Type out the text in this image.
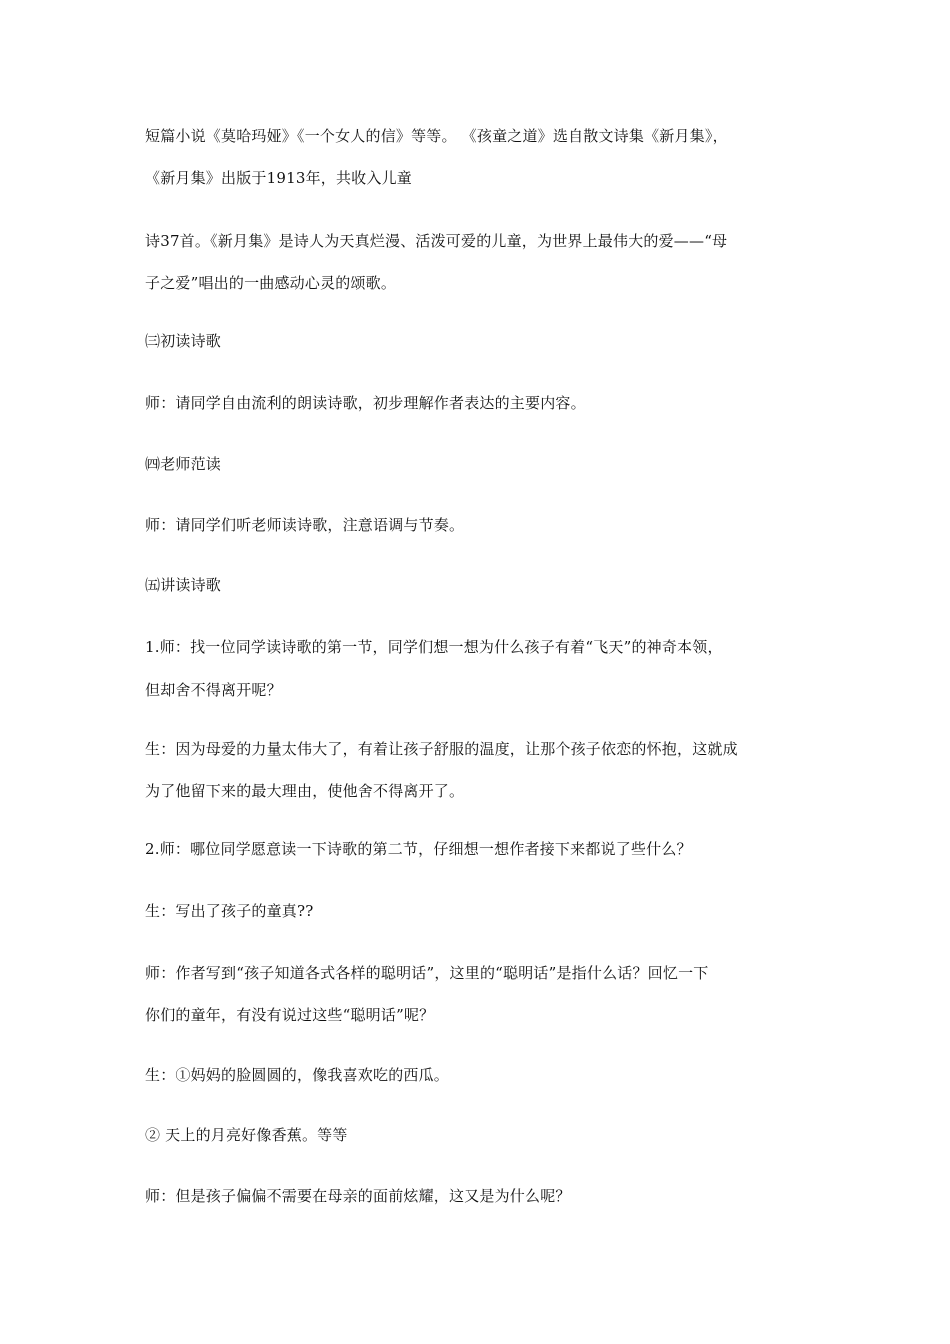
短篇小说《莫哈玛娅》《一个女人的信》等等。 《孩童之道》选自散文诗集《新月集》，
《新月集》出版于1913年，共收入儿童
诗37首。《新月集》是诗人为天真烂漫、活泼可爱的儿童，为世界上最伟大的爱——“母
子之爱”唱出的一曲感动心灵的颂歌。
㈢初读诗歌
师：请同学自由流利的朗读诗歌，初步理解作者表达的主要内容。
㈣老师范读
师：请同学们听老师读诗歌，注意语调与节奏。
㈤讲读诗歌
1.师：找一位同学读诗歌的第一节，同学们想一想为什么孩子有着“飞天”的神奇本领，
但却舍不得离开呢？
生：因为母爱的力量太伟大了，有着让孩子舒服的温度，让那个孩子依恋的怀抱，这就成
为了他留下来的最大理由，使他舍不得离开了。
2.师：哪位同学愿意读一下诗歌的第二节，仔细想一想作者接下来都说了些什么？
生：写出了孩子的童真??
师：作者写到“孩子知道各式各样的聪明话”，这里的“聪明话”是指什么话？回忆一下
你们的童年，有没有说过这些“聪明话”呢？
生：①妈妈的脸圆圆的，像我喜欢吃的西瓜。
② 天上的月亮好像香蕉。等等
师：但是孩子偏偏不需要在母亲的面前炫耀，这又是为什么呢？
